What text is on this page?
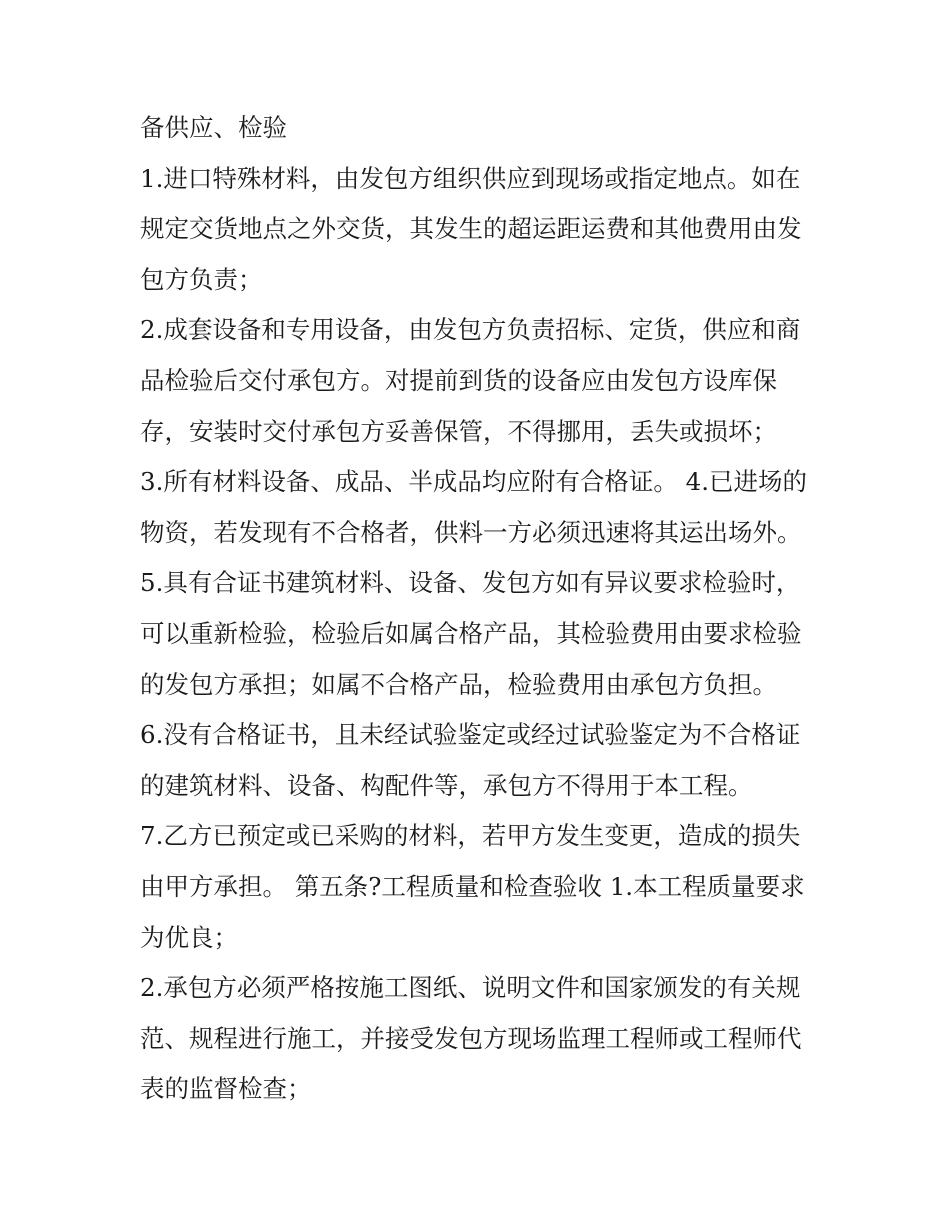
备供应、检验
1.进口特殊材料，由发包方组织供应到现场或指定地点。如在
规定交货地点之外交货，其发生的超运距运费和其他费用由发
包方负责；
2.成套设备和专用设备，由发包方负责招标、定货，供应和商
品检验后交付承包方。对提前到货的设备应由发包方设库保
存，安装时交付承包方妥善保管，不得挪用，丢失或损坏；
3.所有材料设备、成品、半成品均应附有合格证。 4.已进场的
物资，若发现有不合格者，供料一方必须迅速将其运出场外。
5.具有合证书建筑材料、设备、发包方如有异议要求检验时，
可以重新检验，检验后如属合格产品，其检验费用由要求检验
的发包方承担；如属不合格产品，检验费用由承包方负担。
6.没有合格证书，且未经试验鉴定或经过试验鉴定为不合格证
的建筑材料、设备、构配件等，承包方不得用于本工程。
7.乙方已预定或已采购的材料，若甲方发生变更，造成的损失
由甲方承担。 第五条?工程质量和检查验收 1.本工程质量要求
为优良；
2.承包方必须严格按施工图纸、说明文件和国家颁发的有关规
范、规程进行施工，并接受发包方现场监理工程师或工程师代
表的监督检查；
